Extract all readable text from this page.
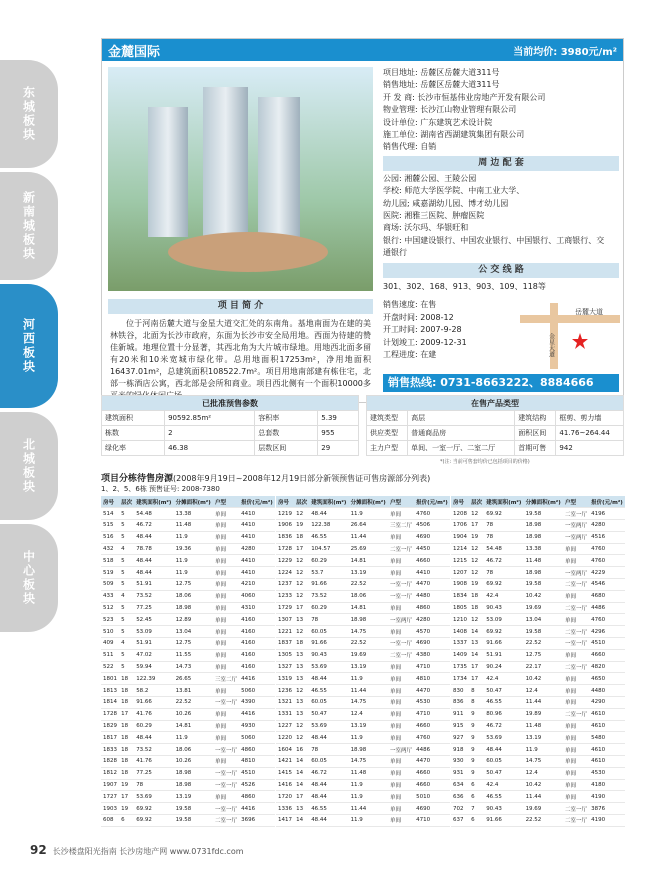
东城板块
新南城板块
河西板块
北城板块
中心板块
金麓国际	当前均价: 3980元/m²
项目地址: 岳麓区岳麓大道311号
销售地址: 岳麓区岳麓大道311号
开 发 商: 长沙市恒基伟业房地产开发有限公司
物业管理: 长沙江山物业管理有限公司
设计单位: 广东建筑艺术设计院
施工单位: 湖南省西湖建筑集团有限公司
销售代理: 自销
周 边 配 套
公园: 湘麓公园、王陵公园
学校: 师范大学医学院、中南工业大学、
幼儿园; 咸嘉湖幼儿园、博才幼儿园
医院: 湘雅三医院、肿瘤医院
商场: 沃尔玛、华银旺和
银行: 中国建设银行、中国农业银行、中国银行、工商银行、交
通银行
项 目 简 介

位于河南岳麓大道与金星大道交汇处的东南角。基地南面为在建的美林铁谷，北面为长沙市政府，东面为长沙市安全局用地。西面为待建的赞佳新城。地理位置十分显著，其西北角为大片城市绿地。用地西北面多留有20米和10米宽城市绿化带。总用地面积17253m²，净用地面积16437.01m²，总建筑面积108522.7m²。项目用地南部建有栋住宅，北部一栋酒店公寓，西北部是会所和商业。项目西北侧有一个面积10000多

公 交 线 路
301、302、168、913、903、109、118等
销售速度: 在售
开盘时间: 2008-12
开工时间: 2007-9-28
计划竣工: 2009-12-31
工程进度: 在建
岳麓大道
金星大道
销售热线: 0731-8663222、8884666
已批准预售参数			
建筑面积	90592.85m²	容积率	5.39
栋数	2	总套数	955
绿化率	46.38	层数区间	29
在售产品类型			
建筑类型	高层	建筑结构	框剪、剪力墙
供应类型	普通商品房	面积区间	41.76~264.44
主力户型	单间、一室一厅、二室二厅	首期可售	942
*(注: 当前可售套均价已包括项目的价格)
项目分栋待售房源(2008年9月19日~2008年12月19日部分新领预售证可售房源部分列表)
1、2、5、6栋 预售证号: 2008-7380
房号	层次	建筑面积(m²)	分摊面积(m²)	户型	报价(元/m²)
514	5	54.48	13.38	单间	4410
515	5	46.72	11.48	单间	4410
516	5	48.44	11.9	单间	4410
432	4	78.78	19.36	单间	4280
518	5	48.44	11.9	单间	4410
519	5	48.44	11.9	单间	4410
509	5	51.91	12.75	单间	4210
433	4	73.52	18.06	单间	4060
512	5	77.25	18.98	单间	4310
523	5	52.45	12.89	单间	4160
510	5	53.09	13.04	单间	4160
409	4	51.91	12.75	单间	4160
511	5	47.02	11.55	单间	4160
522	5	59.94	14.73	单间	4160
1801	18	122.39	26.65	三室二厅	4416
1813	18	58.2	13.81	单间	5060
1814	18	91.66	22.52	一室一厅	4390
1728	17	41.76	10.26	单间	4416
1829	18	60.29	14.81	单间	4930
1817	18	48.44	11.9	单间	5060
1833	18	73.52	18.06	一室一厅	4860
1828	18	41.76	10.26	单间	4810
1812	18	77.25	18.98	一室一厅	4510
1907	19	78	18.98	一室一厅	4526
1727	17	53.69	13.19	单间	4860
1903	19	69.92	19.58	一室一厅	4416
608	6	69.92	19.58	二室一厅	3696
房号	层次	建筑面积(m²)	分摊面积(m²)	户型	报价(元/m²)
1219	12	48.44	11.9	单间	4760
1906	19	122.38	26.64	三室二厅	4506
1836	18	46.55	11.44	单间	4690
1728	17	104.57	25.69	二室一厅	4450
1229	12	60.29	14.81	单间	4660
1224	12	53.7	13.19	单间	4410
1237	12	91.66	22.52	一室一厅	4470
1233	12	73.52	18.06	一室一厅	4480
1729	17	60.29	14.81	单间	4860
1307	13	78	18.98	一室两厅	4280
1221	12	60.05	14.75	单间	4570
1837	18	91.66	22.52	一室一厅	4690
1305	13	90.43	19.69	二室一厅	4380
1327	13	53.69	13.19	单间	4710
1319	13	48.44	11.9	单间	4810
1236	12	46.55	11.44	单间	4470
1321	13	60.05	14.75	单间	4530
1331	13	50.47	12.4	单间	4710
1227	12	53.69	13.19	单间	4660
1220	12	48.44	11.9	单间	4760
1604	16	78	18.98	一室两厅	4486
1421	14	60.05	14.75	单间	4470
1415	14	46.72	11.48	单间	4660
1416	14	48.44	11.9	单间	4660
1720	17	48.44	11.9	单间	5010
1336	13	46.55	11.44	单间	4690
1417	14	48.44	11.9	单间	4710
房号	层次	建筑面积(m²)	分摊面积(m²)	户型	报价(元/m²)
1208	12	69.92	19.58	二室一厅	4196
1706	17	78	18.98	一室两厅	4280
1904	19	78	18.98	一室两厅	4516
1214	12	54.48	13.38	单间	4760
1215	12	46.72	11.48	单间	4760
1207	12	78	18.98	一室两厅	4229
1908	19	69.92	19.58	二室一厅	4546
1834	18	42.4	10.42	单间	4680
1805	18	90.43	19.69	二室一厅	4486
1210	12	53.09	13.04	单间	4760
1408	14	69.92	19.58	二室一厅	4296
1337	13	91.66	22.52	一室一厅	4510
1409	14	51.91	12.75	单间	4660
1735	17	90.24	22.17	二室一厅	4820
1734	17	42.4	10.42	单间	4650
830	8	50.47	12.4	单间	4480
836	8	46.55	11.44	单间	4290
911	9	80.96	19.89	二室一厅	4610
915	9	46.72	11.48	单间	4610
927	9	53.69	13.19	单间	5480
918	9	48.44	11.9	单间	4610
930	9	60.05	14.75	单间	4610
931	9	50.47	12.4	单间	4530
634	6	42.4	10.42	单间	4180
636	6	46.55	11.44	单间	4190
702	7	90.43	19.69	二室一厅	3876
637	6	91.66	22.52	二室一厅	4190
92 长沙楼盘阳光指南 长沙房地产网 www.0731fdc.com
